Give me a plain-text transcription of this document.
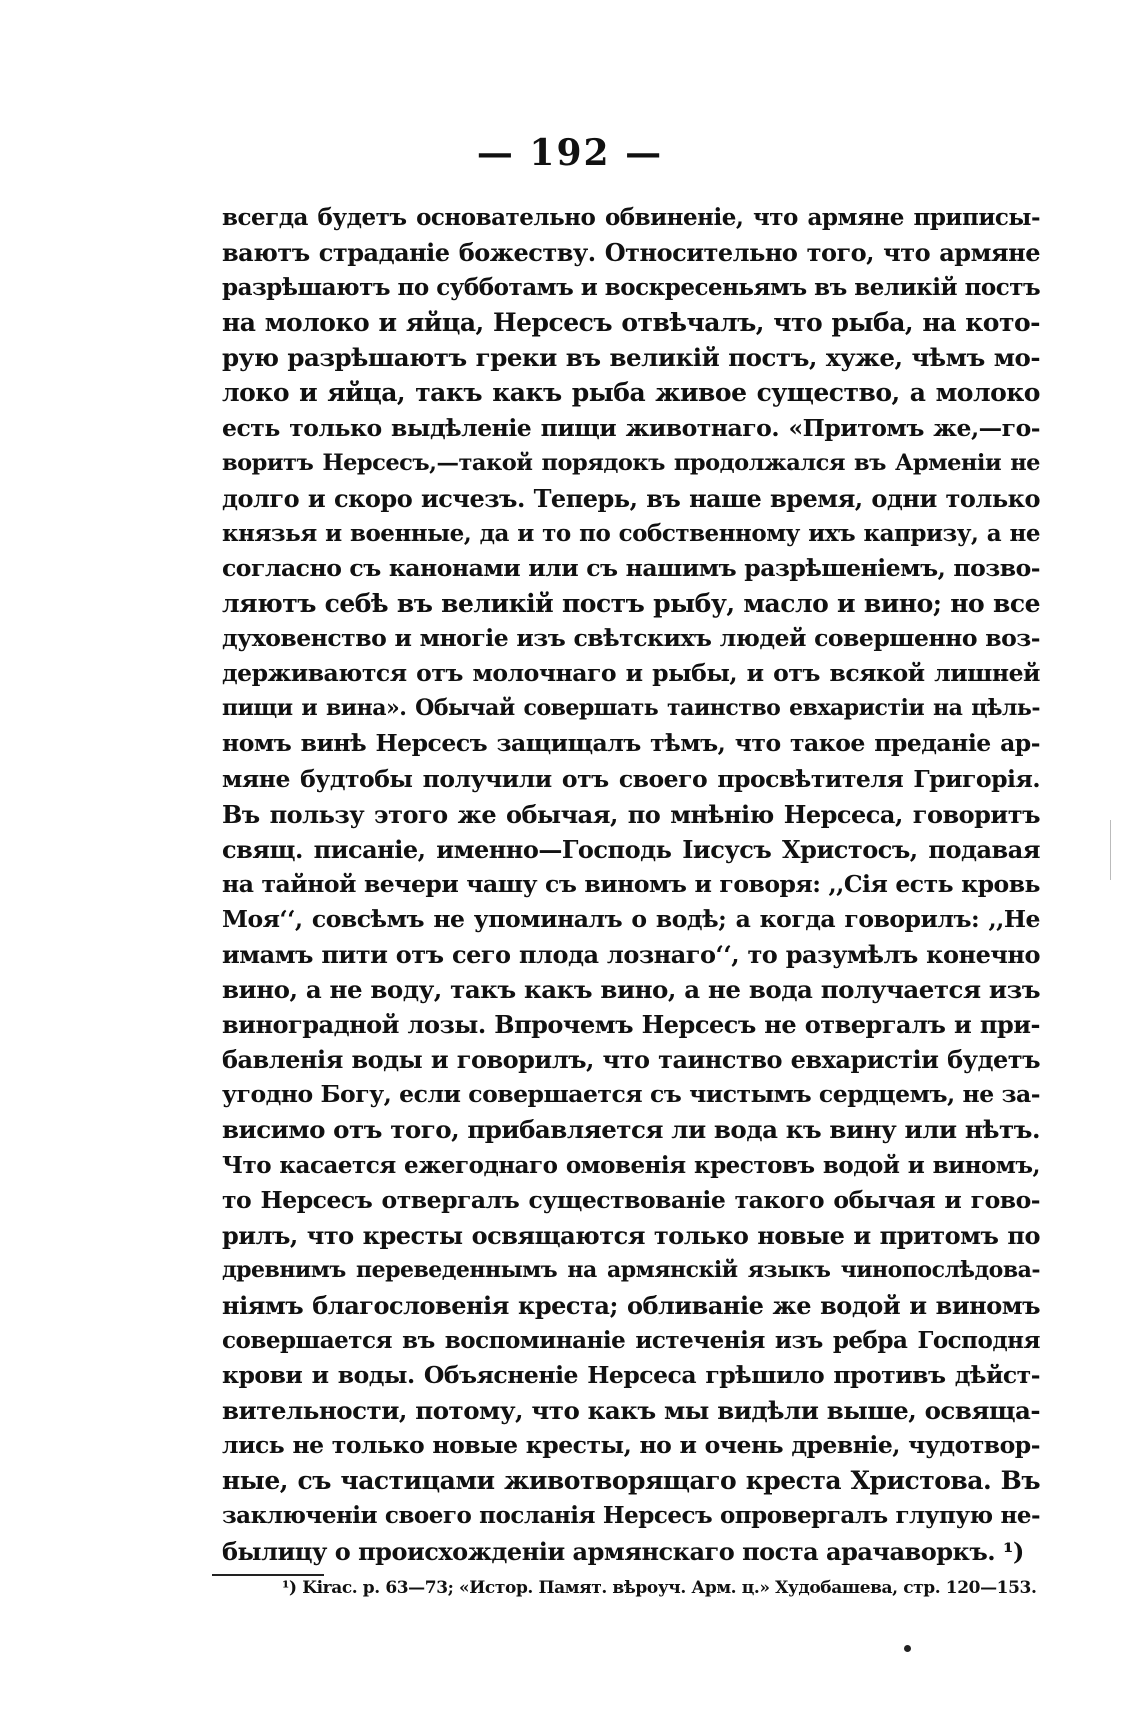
— 192 —
всегда будетъ основательно обвиненіе, что армяне приписы-
ваютъ страданіе божеству. Относительно того, что армяне
разрѣшаютъ по субботамъ и воскресеньямъ въ великій постъ
на молоко и яйца, Нерсесъ отвѣчалъ, что рыба, на кото-
рую разрѣшаютъ греки въ великій постъ, хуже, чѣмъ мо-
локо и яйца, такъ какъ рыба живое существо, а молоко
есть только выдѣленіе пищи животнаго. «Притомъ же,—го-
воритъ Нерсесъ,—такой порядокъ продолжался въ Арменіи не
долго и скоро исчезъ. Теперь, въ наше время, одни только
князья и военные, да и то по собственному ихъ капризу, а не
согласно съ канонами или съ нашимъ разрѣшеніемъ, позво-
ляютъ себѣ въ великій постъ рыбу, масло и вино; но все
духовенство и многіе изъ свѣтскихъ людей совершенно воз-
держиваются отъ молочнаго и рыбы, и отъ всякой лишней
пищи и вина». Обычай совершать таинство евхаристіи на цѣль-
номъ винѣ Нерсесъ защищалъ тѣмъ, что такое преданіе ар-
мяне будтобы получили отъ своего просвѣтителя Григорія.
Въ пользу этого же обычая, по мнѣнію Нерсеса, говоритъ
свящ. писаніе, именно—Господь Іисусъ Христосъ, подавая
на тайной вечери чашу съ виномъ и говоря: ,,Сія есть кровь
Моя‘‘, совсѣмъ не упоминалъ о водѣ; а когда говорилъ: ,,Не
имамъ пити отъ сего плода лознаго‘‘, то разумѣлъ конечно
вино, а не воду, такъ какъ вино, а не вода получается изъ
виноградной лозы. Впрочемъ Нерсесъ не отвергалъ и при-
бавленія воды и говорилъ, что таинство евхаристіи будетъ
угодно Богу, если совершается съ чистымъ сердцемъ, не за-
висимо отъ того, прибавляется ли вода къ вину или нѣтъ.
Что касается ежегоднаго омовенія крестовъ водой и виномъ,
то Нерсесъ отвергалъ существованіе такого обычая и гово-
рилъ, что кресты освящаются только новые и притомъ по
древнимъ переведеннымъ на армянскій языкъ чинопослѣдова-
ніямъ благословенія креста; обливаніе же водой и виномъ
совершается въ воспоминаніе истеченія изъ ребра Господня
крови и воды. Объясненіе Нерсеса грѣшило противъ дѣйст-
вительности, потому, что какъ мы видѣли выше, освяща-
лись не только новые кресты, но и очень древніе, чудотвор-
ные, съ частицами животворящаго креста Христова. Въ
заключеніи своего посланія Нерсесъ опровергалъ глупую не-
былицу о происхожденіи армянскаго поста арачаворкъ. ¹)
¹) Kirac. p. 63—73; «Истор. Памят. вѣроуч. Арм. ц.» Худобашева, стр. 120—153.
